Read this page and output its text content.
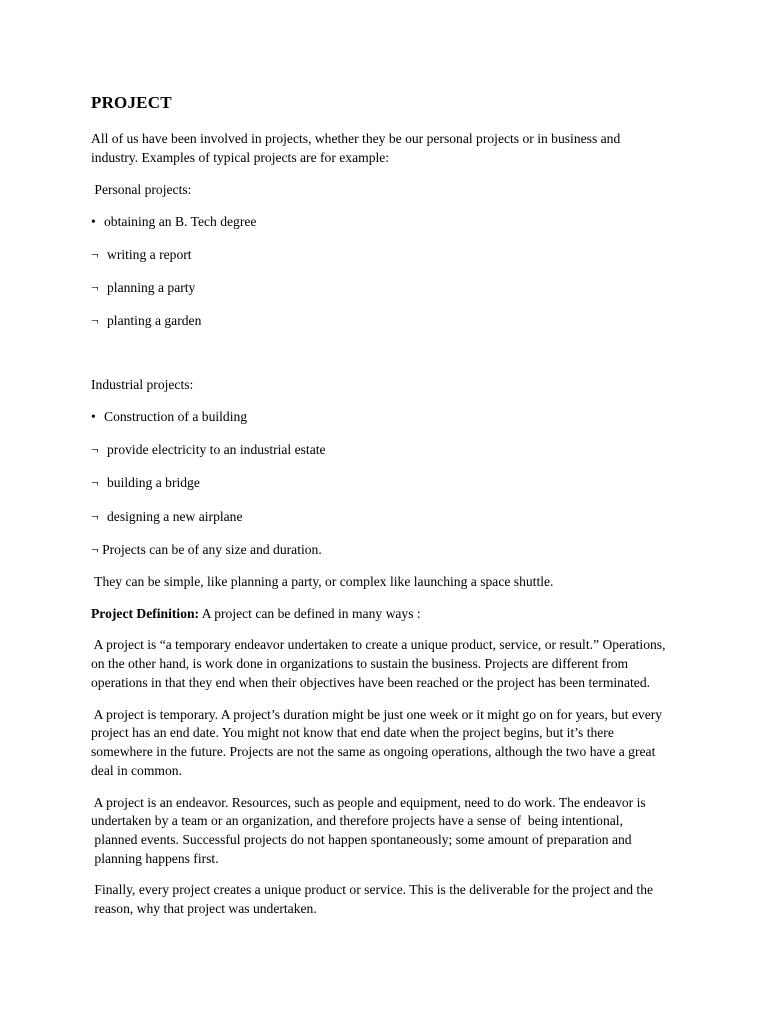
PROJECT
All of us have been involved in projects, whether they be our personal projects or in business and
industry. Examples of typical projects are for example:
Personal projects:
• obtaining an B. Tech degree
¬ writing a report
¬ planning a party
¬ planting a garden
Industrial projects:
• Construction of a building
¬ provide electricity to an industrial estate
¬ building a bridge
¬ designing a new airplane
¬ Projects can be of any size and duration.
They can be simple, like planning a party, or complex like launching a space shuttle.
Project Definition: A project can be defined in many ways :
A project is “a temporary endeavor undertaken to create a unique product, service, or result.” Operations,
on the other hand, is work done in organizations to sustain the business. Projects are different from
operations in that they end when their objectives have been reached or the project has been terminated.
A project is temporary. A project’s duration might be just one week or it might go on for years, but every
project has an end date. You might not know that end date when the project begins, but it’s there
somewhere in the future. Projects are not the same as ongoing operations, although the two have a great
deal in common.
A project is an endeavor. Resources, such as people and equipment, need to do work. The endeavor is
undertaken by a team or an organization, and therefore projects have a sense of  being intentional,
planned events. Successful projects do not happen spontaneously; some amount of preparation and
planning happens first.
Finally, every project creates a unique product or service. This is the deliverable for the project and the
reason, why that project was undertaken.
